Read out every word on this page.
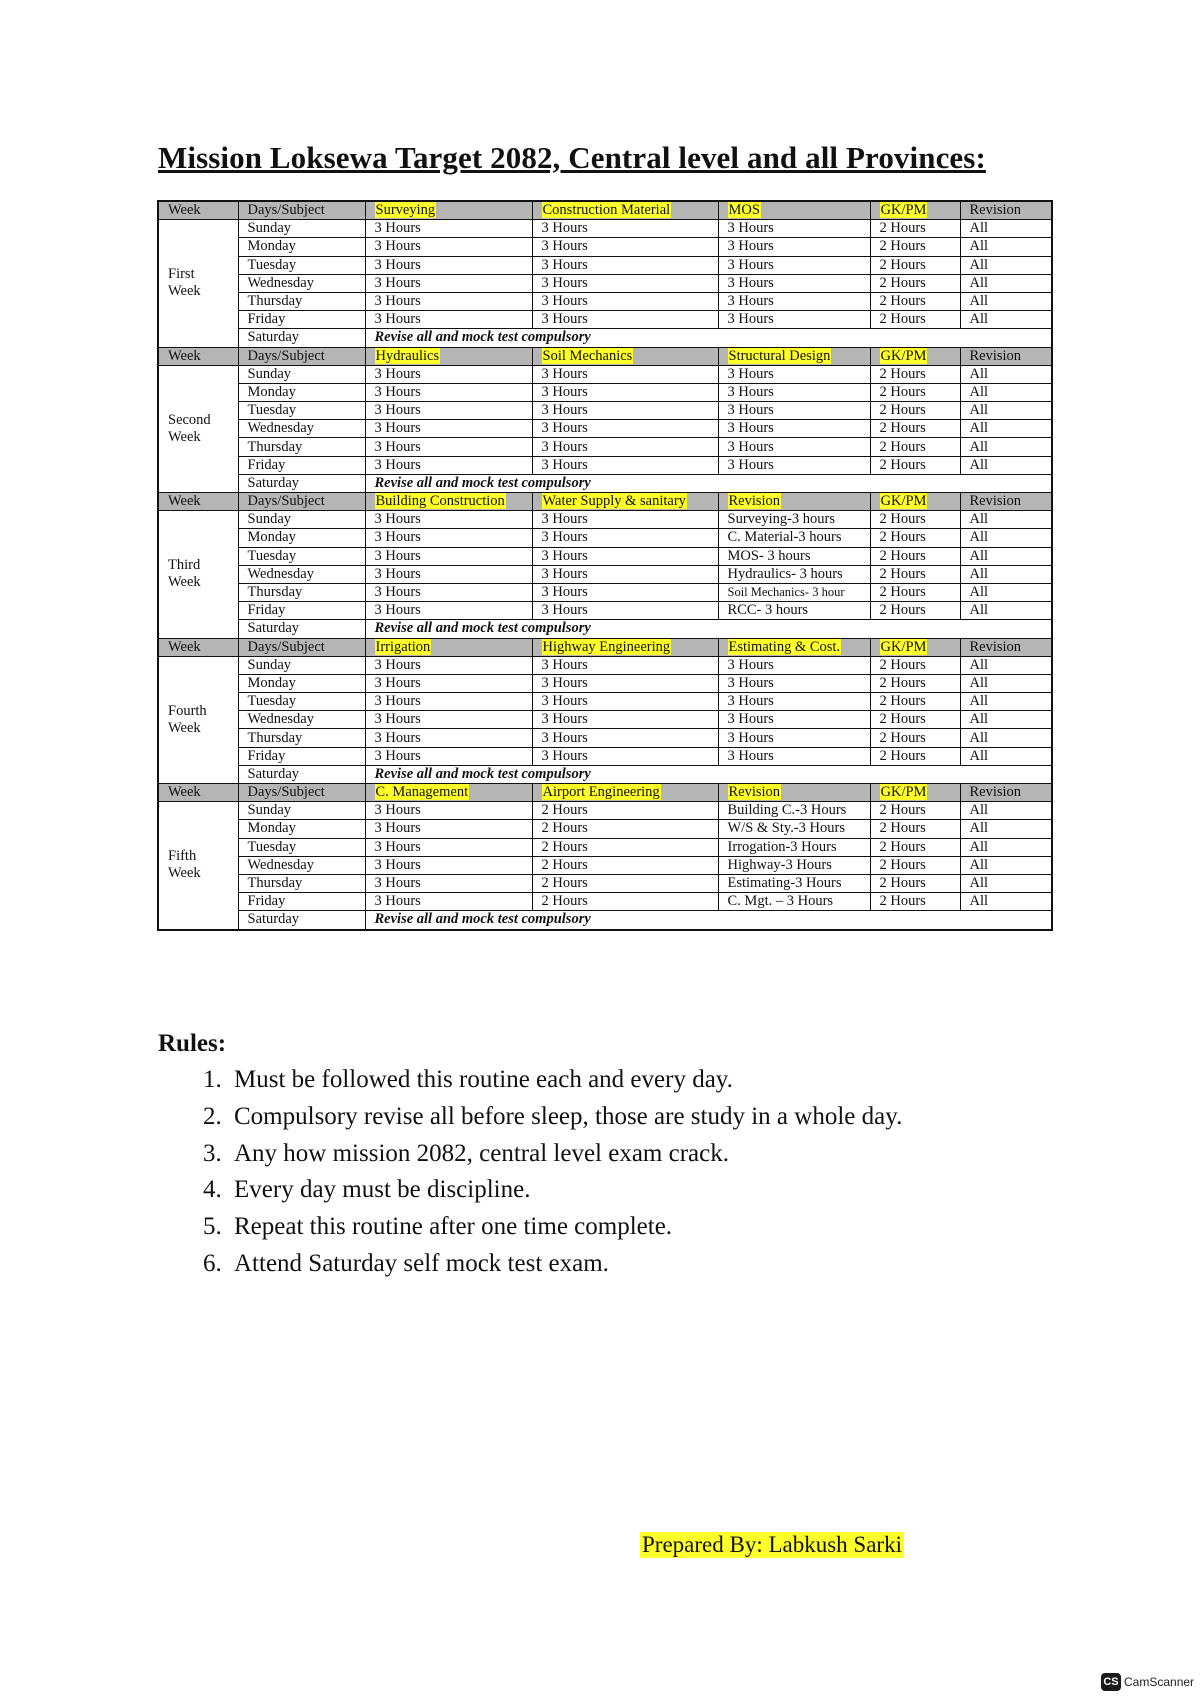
Mission Loksewa Target 2082, Central level and all Provinces:
Week	Days/Subject	Surveying	Construction Material	MOS	GK/PM	Revision

First
Week	Sunday	3 Hours	3 Hours	3 Hours	2 Hours	All
	Monday	3 Hours	3 Hours	3 Hours	2 Hours	All
	Tuesday	3 Hours	3 Hours	3 Hours	2 Hours	All
	Wednesday	3 Hours	3 Hours	3 Hours	2 Hours	All
	Thursday	3 Hours	3 Hours	3 Hours	2 Hours	All
	Friday	3 Hours	3 Hours	3 Hours	2 Hours	All
	Saturday	Revise all and mock test compulsory				
Week	Days/Subject	Hydraulics	Soil Mechanics	Structural Design	GK/PM	Revision

Second
Week	Sunday	3 Hours	3 Hours	3 Hours	2 Hours	All
	Monday	3 Hours	3 Hours	3 Hours	2 Hours	All
	Tuesday	3 Hours	3 Hours	3 Hours	2 Hours	All
	Wednesday	3 Hours	3 Hours	3 Hours	2 Hours	All
	Thursday	3 Hours	3 Hours	3 Hours	2 Hours	All
	Friday	3 Hours	3 Hours	3 Hours	2 Hours	All
	Saturday	Revise all and mock test compulsory				
Week	Days/Subject	Building Construction	Water Supply & sanitary	Revision	GK/PM	Revision

Third
Week	Sunday	3 Hours	3 Hours	Surveying-3 hours	2 Hours	All
	Monday	3 Hours	3 Hours	C. Material-3 hours	2 Hours	All
	Tuesday	3 Hours	3 Hours	MOS- 3 hours	2 Hours	All
	Wednesday	3 Hours	3 Hours	Hydraulics- 3 hours	2 Hours	All
	Thursday	3 Hours	3 Hours	Soil Mechanics- 3 hour	2 Hours	All
	Friday	3 Hours	3 Hours	RCC- 3 hours	2 Hours	All
	Saturday	Revise all and mock test compulsory				
Week	Days/Subject	Irrigation	Highway Engineering	Estimating & Cost.	GK/PM	Revision

Fourth
Week	Sunday	3 Hours	3 Hours	3 Hours	2 Hours	All
	Monday	3 Hours	3 Hours	3 Hours	2 Hours	All
	Tuesday	3 Hours	3 Hours	3 Hours	2 Hours	All
	Wednesday	3 Hours	3 Hours	3 Hours	2 Hours	All
	Thursday	3 Hours	3 Hours	3 Hours	2 Hours	All
	Friday	3 Hours	3 Hours	3 Hours	2 Hours	All
	Saturday	Revise all and mock test compulsory				
Week	Days/Subject	C. Management	Airport Engineering	Revision	GK/PM	Revision

Fifth
Week	Sunday	3 Hours	2 Hours	Building C.-3 Hours	2 Hours	All
	Monday	3 Hours	2 Hours	W/S & Sty.-3 Hours	2 Hours	All
	Tuesday	3 Hours	2 Hours	Irrogation-3 Hours	2 Hours	All
	Wednesday	3 Hours	2 Hours	Highway-3 Hours	2 Hours	All
	Thursday	3 Hours	2 Hours	Estimating-3 Hours	2 Hours	All
	Friday	3 Hours	2 Hours	C. Mgt. – 3 Hours	2 Hours	All
	Saturday	Revise all and mock test compulsory				
Rules:
1. Must be followed this routine each and every day.
2. Compulsory revise all before sleep, those are study in a whole day.
3. Any how mission 2082, central level exam crack.
4. Every day must be discipline.
5. Repeat this routine after one time complete.
6. Attend Saturday self mock test exam.
Prepared By: Labkush Sarki
CS CamScanner
